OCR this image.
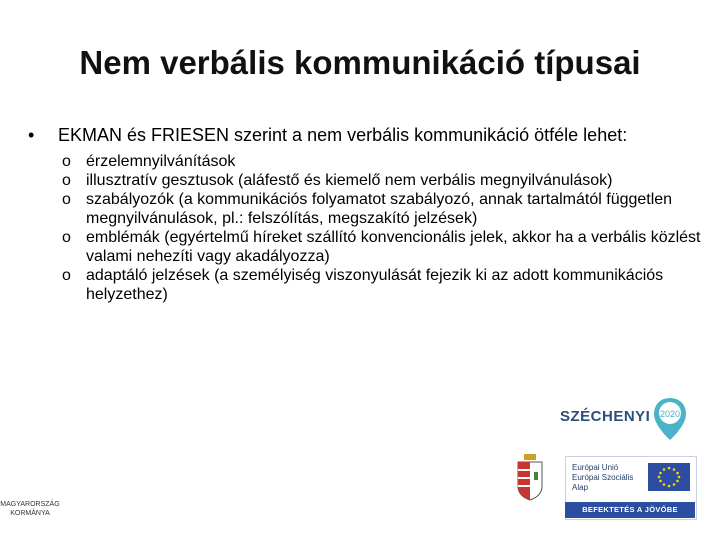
Nem verbális kommunikáció típusai
• EKMAN és FRIESEN szerint a nem verbális kommunikáció ötféle lehet:
o érzelemnyilvánítások
o illusztratív gesztusok (aláfestő és kiemelő nem verbális megnyilvánulások)
o szabályozók (a kommunikációs folyamatot szabályozó, annak tartalmától független megnyilvánulások, pl.: felszólítás, megszakító jelzések)
o emblémák (egyértelmű híreket szállító konvencionális jelek, akkor ha a verbális közlést valami nehezíti vagy akadályozza)
o adaptáló jelzések (a személyiség viszonyulását fejezik ki az adott kommunikációs helyzethez)
SZÉCHENYI 2020
MAGYARORSZÁG
KORMÁNYA
Európai Unió
Európai Szociális
Alap
BEFEKTETÉS A JÖVŐBE
